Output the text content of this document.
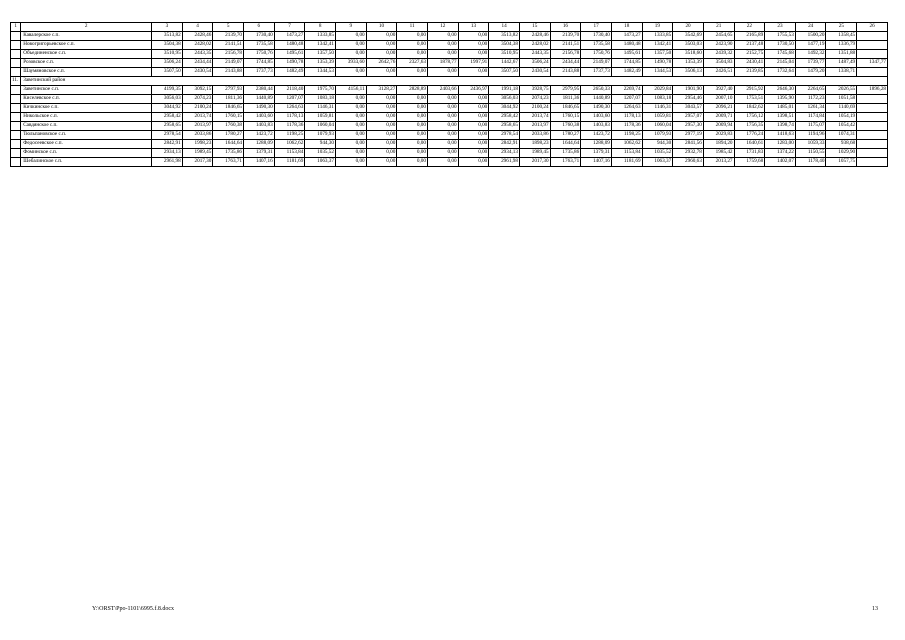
1	2	3	4	5	6	7	8	9	10	11	12	13	14	15	16	17	18	19	20	21	22	23	24	25	26
	Кавалерское с.п.	3513,82	2428,46	2139,70	1730,40	1473,27	1333,85	0,00	0,00	0,00	0,00	0,00	3513,82	2428,46	2139,70	1730,40	1473,27	1333,85	3542,69	2454,65	2165,89	1755,53	1500,20	1358,45	
	Новогригорьевское с.п.	3504,38	2428,02	2141,51	1735,58	1480,48	1342,41	0,00	0,00	0,00	0,00	0,00	3504,38	2428,02	2141,51	1735,58	1480,48	1342,41	3503,03	2423,90	2137,48	1730,50	1477,19	1336,79	
	Объединенское с.п.	3510,95	2443,35	2156,78	1750,76	1495,61	1357,50	0,00	0,00	0,00	0,00	0,00	3510,95	2443,35	2156,78	1750,76	1495,61	1357,50	3518,60	2439,32	2152,75	1745,68	1492,32	1351,88	
	Розовское с.п.	3506,24	2434,44	2149,07	1744,85	1490,78	1353,39	3933,60	2642,76	2327,63	1878,77	1997,91	1442,67	3506,24	2434,44	2149,07	1744,85	1490,78	1353,39	3504,83	2430,41	2145,04	1739,77	1487,49	1347,77
	Шаумяновское с.п.	3507,50	2430,54	2143,88	1737,73	1482,49	1344,53	0,00	0,00	0,00	0,00	0,00	3507,50	2430,54	2143,88	1737,73	1482,49	1344,53	3506,13	2426,51	2139,85	1732,64	1479,20	1338,71	
11.	Заветинский район																								
	Заветинское с.п.	4199,35	3092,15	2797,93	2380,44	2118,40	1975,70	4156,11	3128,27	2828,89	2403,66	2436,97	1991,18	3928,75	2979,95	2650,33	2269,74	2029,84	1901,90	3927,40	2915,92	2646,30	2264,65	2026,55	1896,28
	Киселевское с.п.	3056,03	2074,23	1811,36	1440,89	1207,07	1083,18	0,00	0,00	0,00	0,00	0,00	3056,03	2074,23	1811,36	1440,89	1207,07	1083,18	2954,46	2007,10	1753,51	1395,90	1172,23	1051,58	
	Кичкинское с.п.	3044,92	2100,24	1846,65	1490,30	1264,63	1146,31	0,00	0,00	0,00	0,00	0,00	3044,92	2100,24	1846,65	1490,30	1264,63	1146,31	3043,57	2096,21	1842,62	1485,01	1261,34	1140,69	
	Никольское с.п.	2958,42	2013,74	1760,15	1403,60	1178,13	1059,81	0,00	0,00	0,00	0,00	0,00	2958,42	2013,74	1760,15	1403,60	1178,13	1059,81	2957,07	2009,71	1756,12	1398,51	1174,84	1054,19	
	Савдянское с.п.	2958,65	2013,97	1760,38	1403,83	1178,36	1060,04	0,00	0,00	0,00	0,00	0,00	2958,65	2013,97	1760,38	1403,83	1178,36	1060,04	2957,30	2009,94	1756,35	1398,74	1175,07	1054,42	
	Тюльпановское с.п.	2978,54	2033,86	1780,27	1423,72	1198,25	1079,93	0,00	0,00	0,00	0,00	0,00	2978,54	2033,86	1780,27	1423,72	1198,25	1079,93	2977,19	2029,83	1776,24	1418,63	1194,96	1074,31	
	Федосеевское с.п.	2842,91	1998,23	1644,64	1288,09	1062,62	944,30	0,00	0,00	0,00	0,00	0,00	2842,91	1898,23	1644,64	1288,09	1062,62	944,30	2841,56	1894,20	1640,61	1283,00	1059,33	938,68	
	Фоминское с.п.	2934,13	1989,45	1735,86	1379,31	1153,84	1035,52	0,00	0,00	0,00	0,00	0,00	2934,13	1989,45	1735,86	1379,31	1153,84	1035,52	2932,78	1985,42	1731,83	1374,22	1150,55	1029,90	
	Шебалинское с.п.	2961,98	2017,30	1763,71	1407,16	1181,69	1063,37	0,00	0,00	0,00	0,00	0,00	2961,98	2017,30	1763,71	1407,16	1181,69	1063,37	2960,63	2013,27	1759,68	1402,07	1178,40	1057,75	
Y:\ORST\Ppo-1101\6995.f.8.docx	13
